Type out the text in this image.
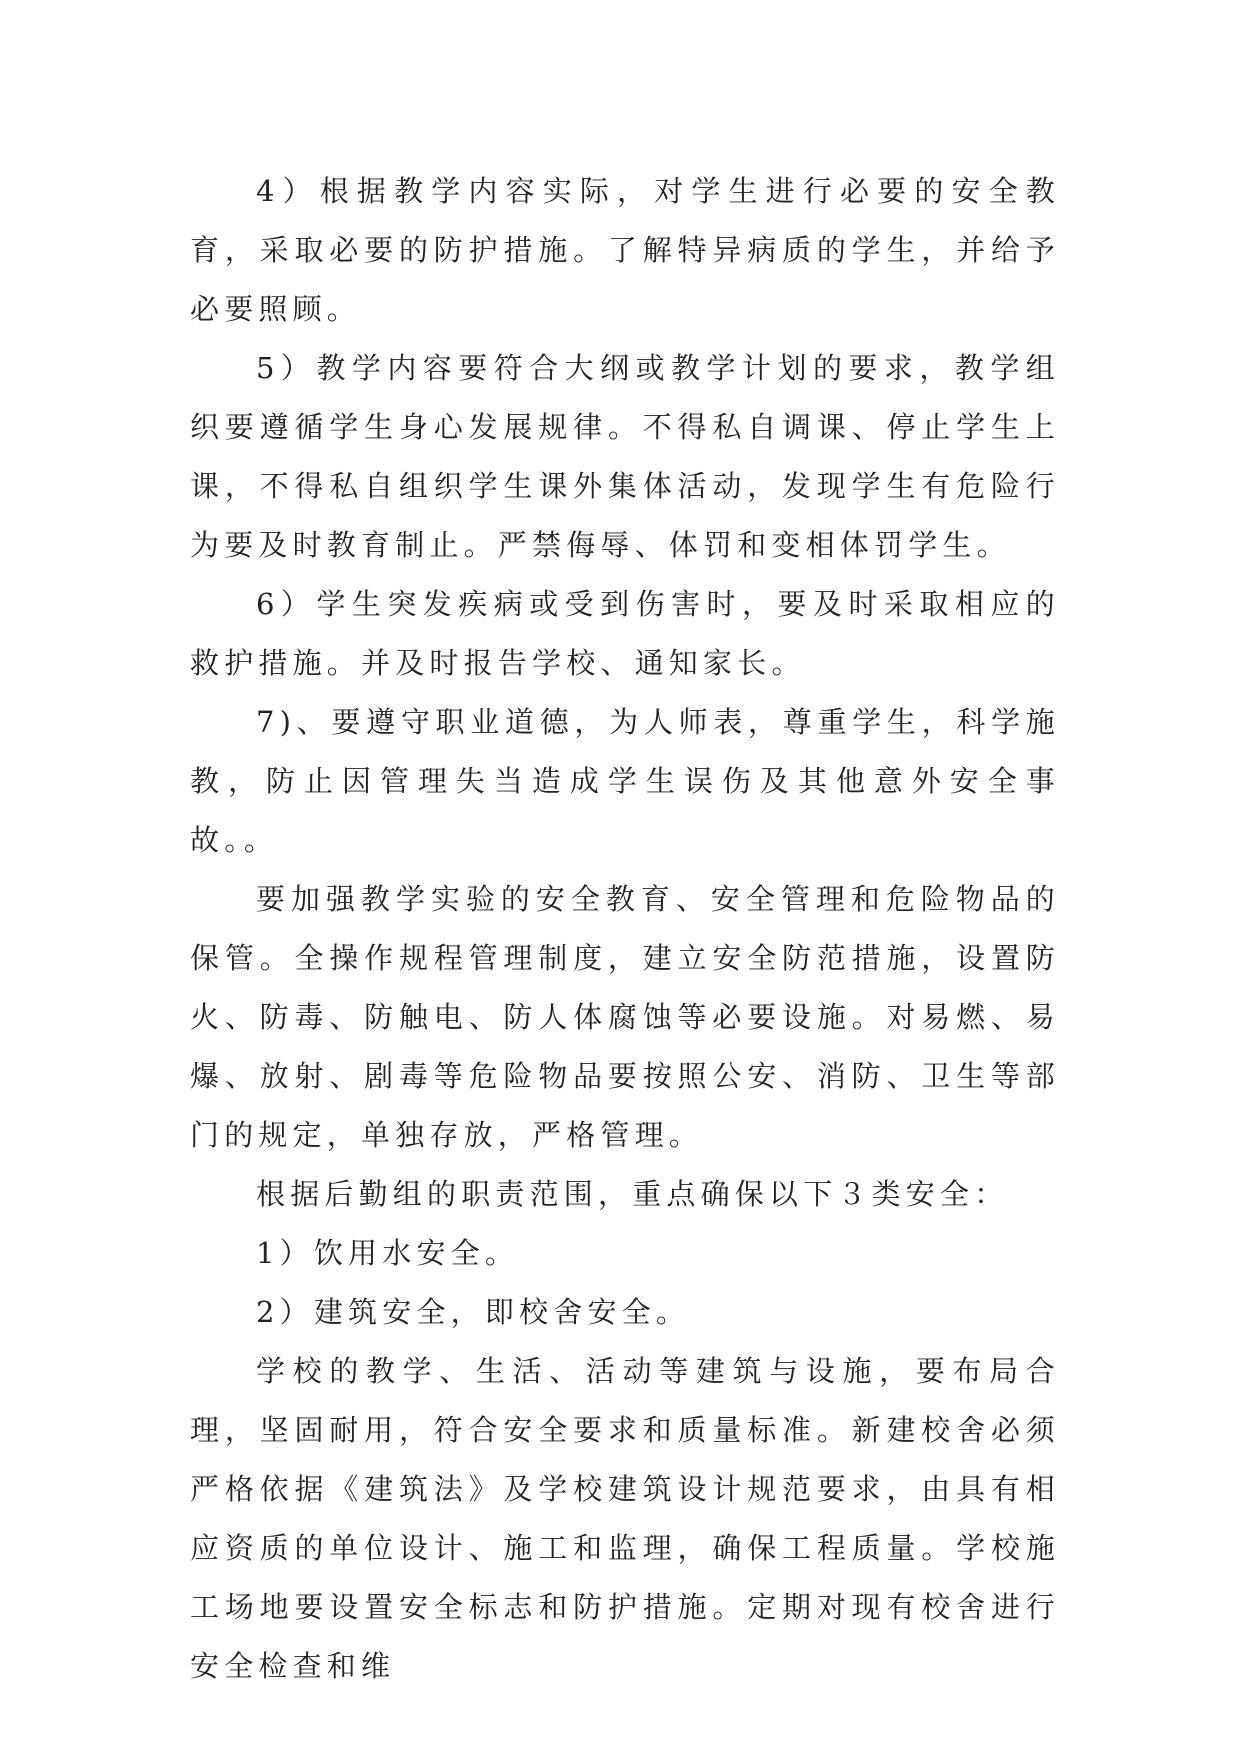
4）根据教学内容实际，对学生进行必要的安全教育，采取必要的防护措施。了解特异病质的学生，并给予必要照顾。

5）教学内容要符合大纲或教学计划的要求，教学组织要遵循学生身心发展规律。不得私自调课、停止学生上课，不得私自组织学生课外集体活动，发现学生有危险行为要及时教育制止。严禁侮辱、体罚和变相体罚学生。

6）学生突发疾病或受到伤害时，要及时采取相应的救护措施。并及时报告学校、通知家长。

7)、要遵守职业道德，为人师表，尊重学生，科学施教，防止因管理失当造成学生误伤及其他意外安全事故。。

要加强教学实验的安全教育、安全管理和危险物品的保管。全操作规程管理制度，建立安全防范措施，设置防火、防毒、防触电、防人体腐蚀等必要设施。对易燃、易爆、放射、剧毒等危险物品要按照公安、消防、卫生等部门的规定，单独存放，严格管理。

根据后勤组的职责范围，重点确保以下３类安全：

1）饮用水安全。

2）建筑安全，即校舍安全。

学校的教学、生活、活动等建筑与设施，要布局合理，坚固耐用，符合安全要求和质量标准。新建校舍必须严格依据《建筑法》及学校建筑设计规范要求，由具有相应资质的单位设计、施工和监理，确保工程质量。学校施工场地要设置安全标志和防护措施。定期对现有校舍进行安全检查和维
